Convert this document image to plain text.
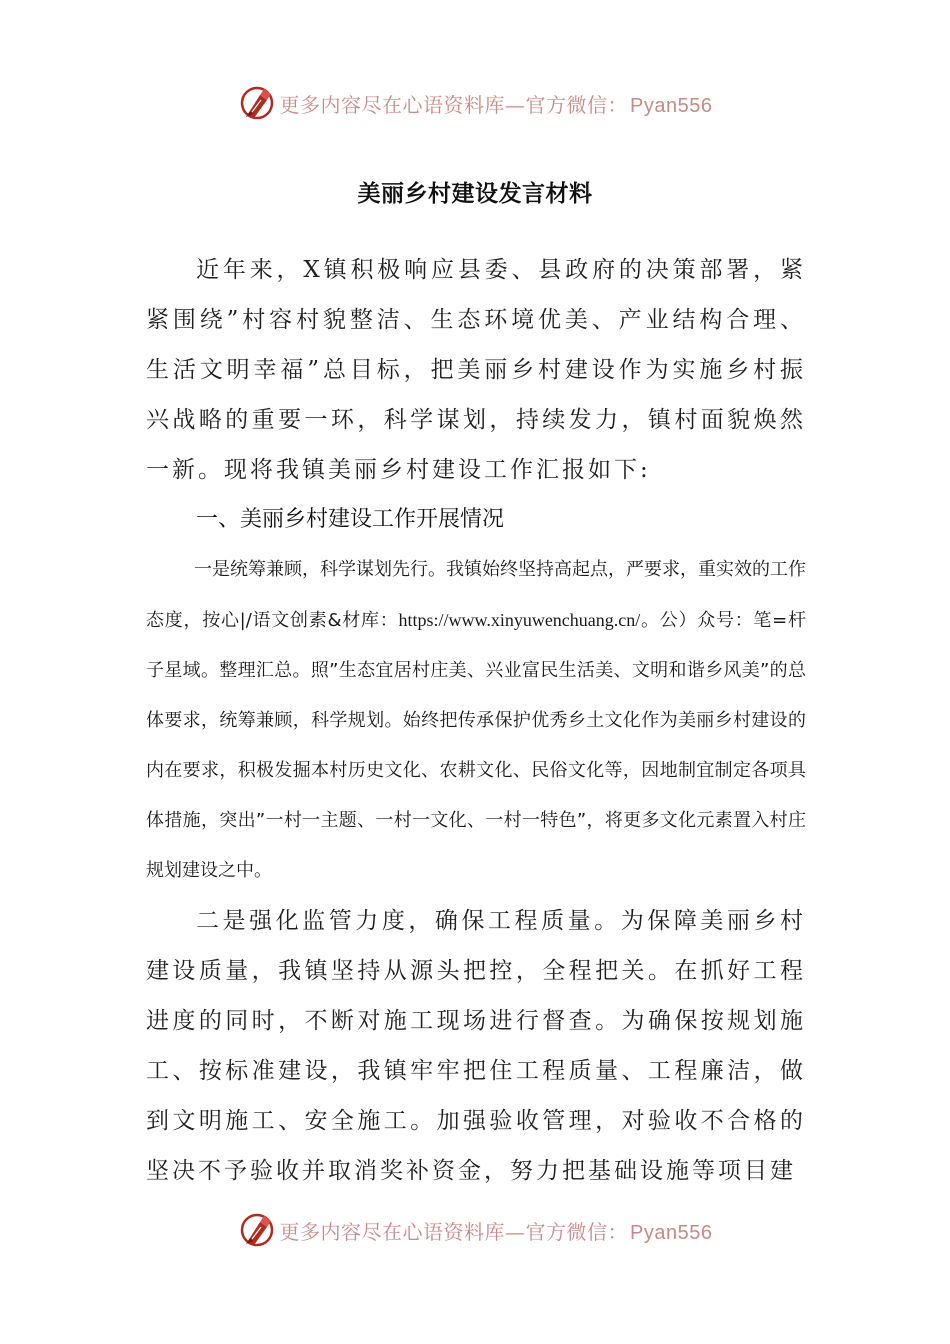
更多内容尽在心语资料库—官方微信： Pyan556
美丽乡村建设发言材料

近年来，X镇积极响应县委、县政府的决策部署，紧紧围绕”村容村貌整洁、生态环境优美、产业结构合理、生活文明幸福”总目标，把美丽乡村建设作为实施乡村振兴战略的重要一环，科学谋划，持续发力，镇村面貌焕然一新。现将我镇美丽乡村建设工作汇报如下:

一、美丽乡村建设工作开展情况

一是统筹兼顾，科学谋划先行。我镇始终坚持高起点，严要求，重实效的工作态度，按心|/语文创素&材库：https://www.xinyuwenchuang.cn/。公）众号：笔=杆子星域。整理汇总。照”生态宜居村庄美、兴业富民生活美、文明和谐乡风美”的总体要求，统筹兼顾，科学规划。始终把传承保护优秀乡土文化作为美丽乡村建设的内在要求，积极发掘本村历史文化、农耕文化、民俗文化等，因地制宜制定各项具体措施，突出”一村一主题、一村一文化、一村一特色”，将更多文化元素置入村庄规划建设之中。

二是强化监管力度，确保工程质量。为保障美丽乡村建设质量，我镇坚持从源头把控，全程把关。在抓好工程进度的同时，不断对施工现场进行督查。为确保按规划施工、按标准建设，我镇牢牢把住工程质量、工程廉洁，做到文明施工、安全施工。加强验收管理，对验收不合格的坚决不予验收并取消奖补资金，努力把基础设施等项目建

更多内容尽在心语资料库—官方微信： Pyan556
